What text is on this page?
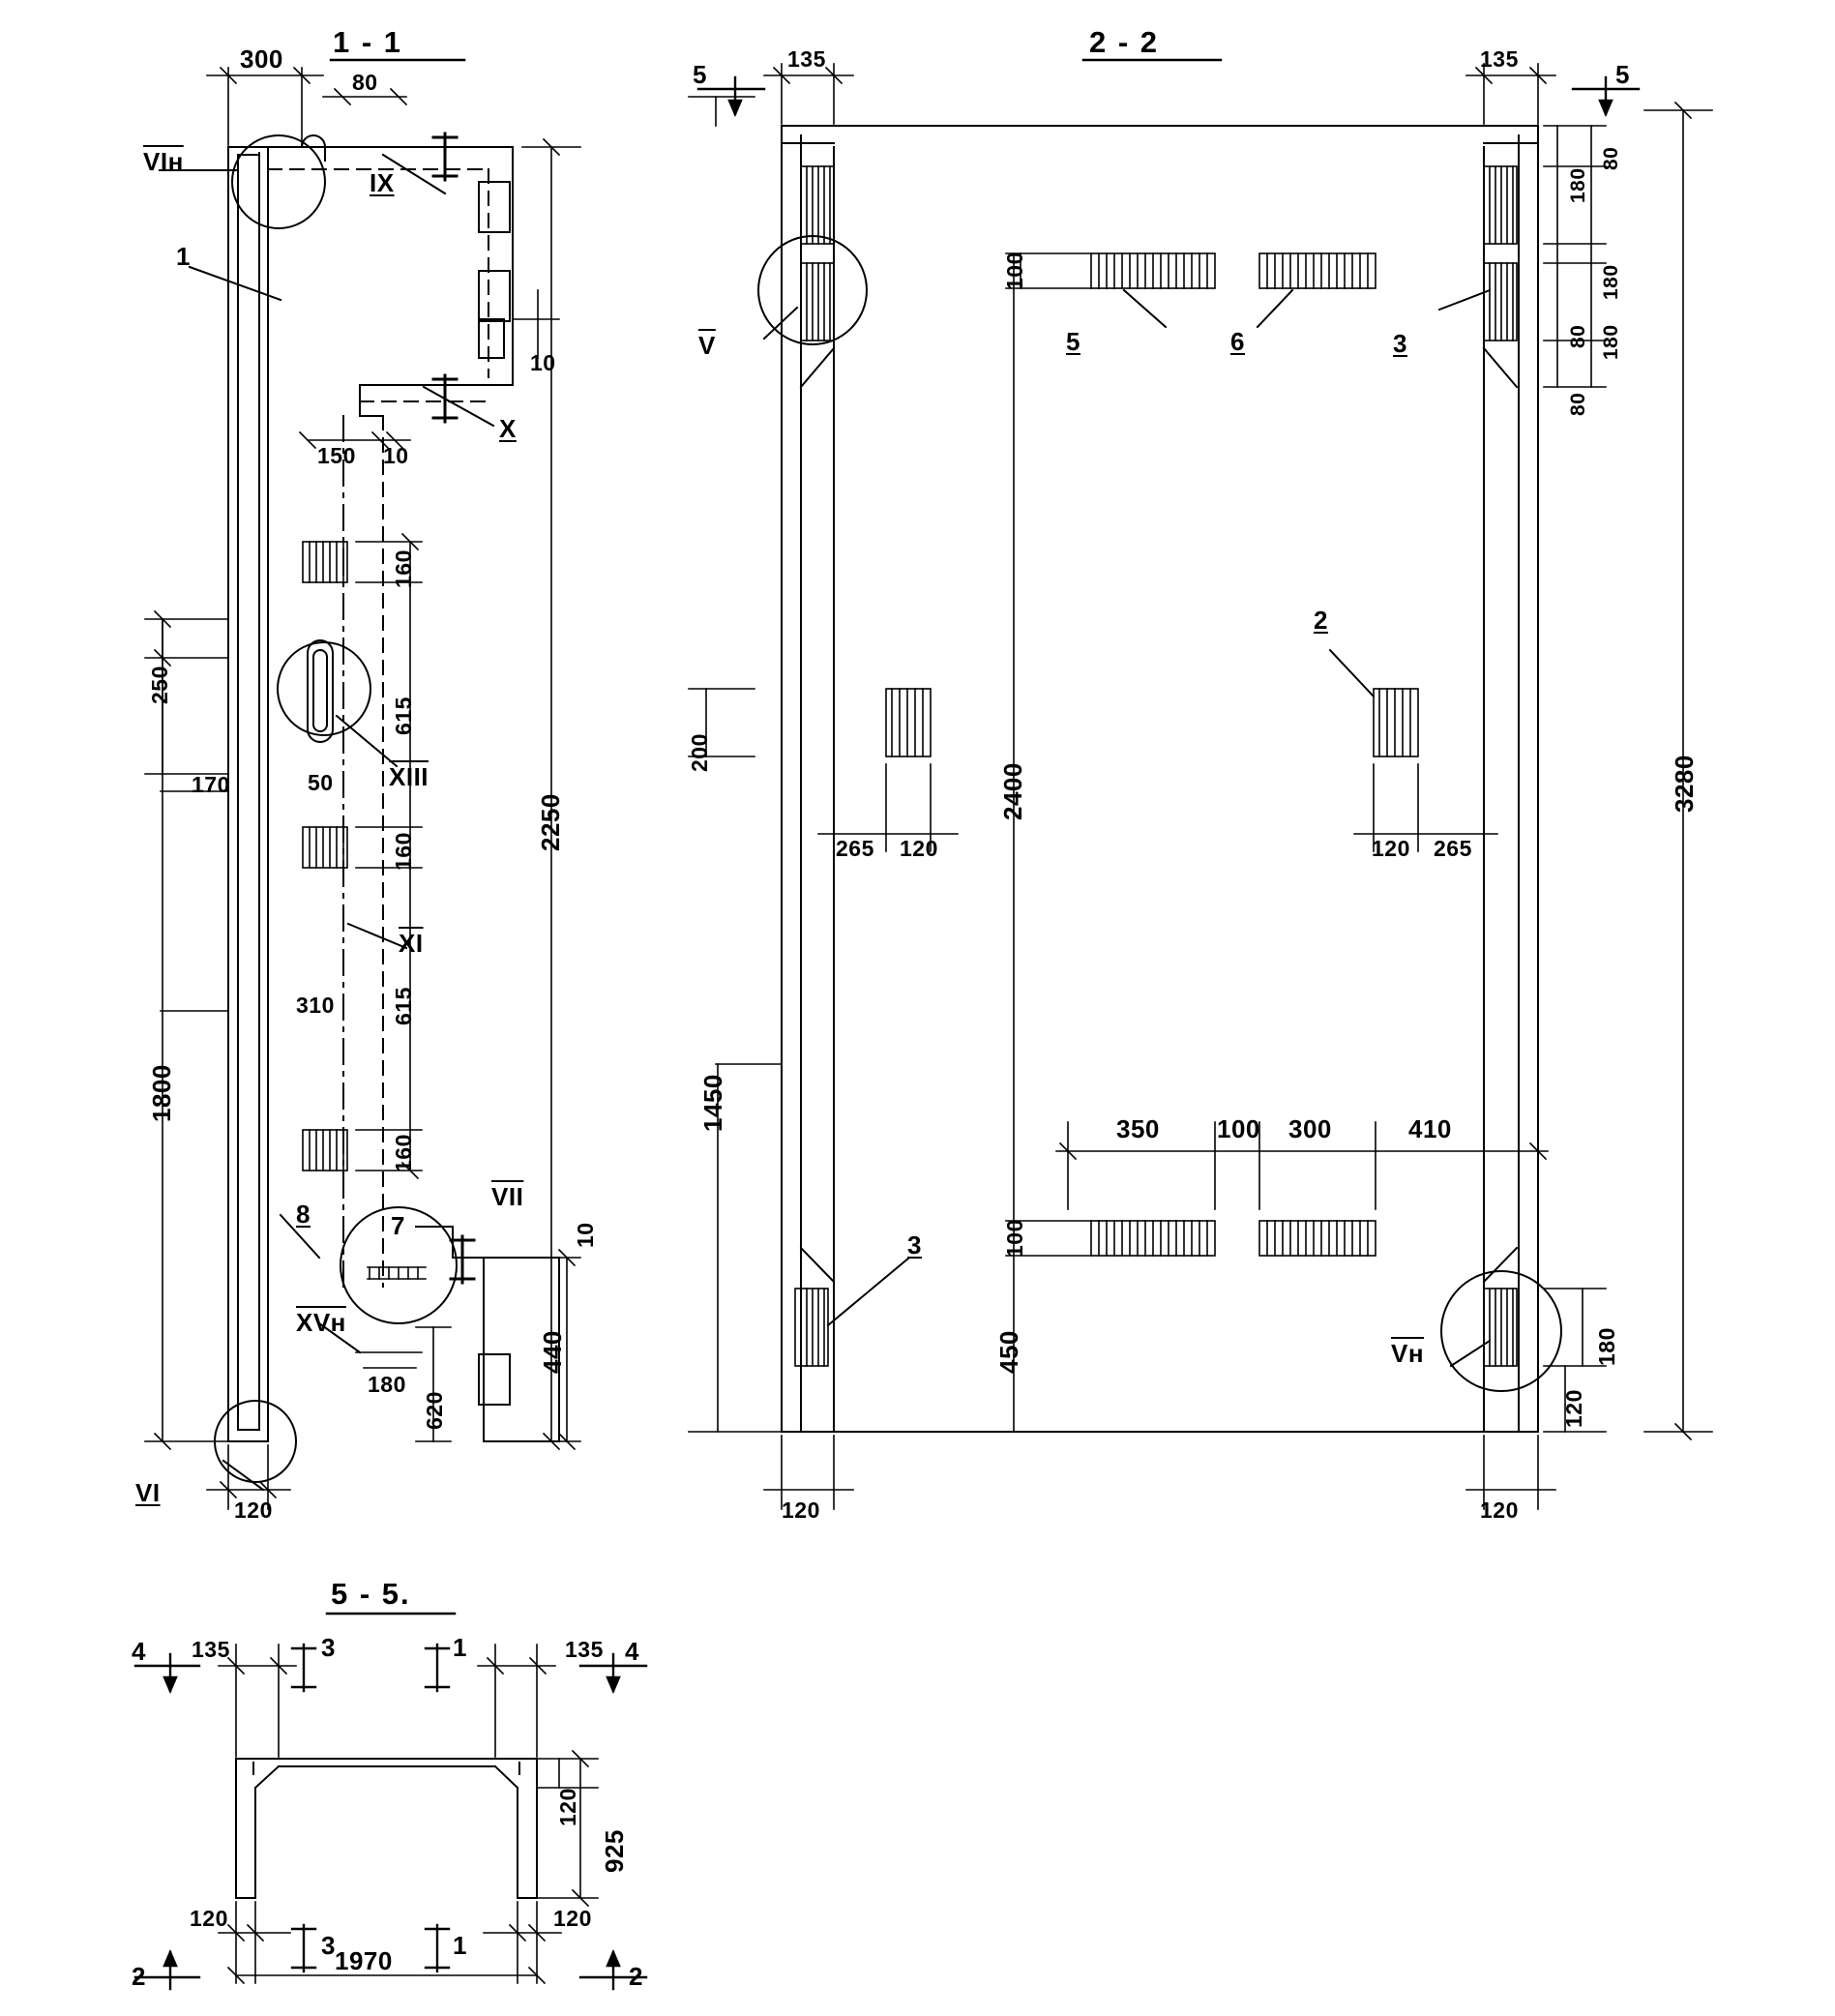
1 - 1
300
80
10
150 10
250
170	50
310
1800
120
160
615
160
615
160
2250
180
620
440
10
VIн
1
IX
X
XIII
$\overline{XI}$
$\overline{VII}$
7
8
XVн
VI
2 - 2
5	5
135	135
80
180
180
80 180
80
3280
100
200
2400
1450
100
450
265 120	120 265
350 100 300	410
120	120
180
120
$\overline{V}$	5	6	3
2
3
Vн
5 - 5.
4	4
3	1
3	1
2	2
135	135
120
925
120	120
1970
